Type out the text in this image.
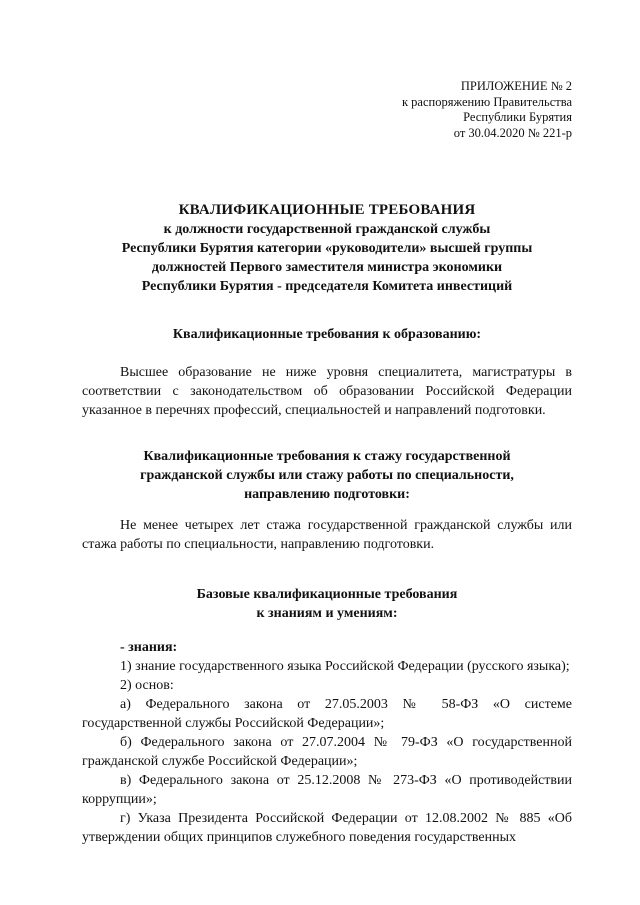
ПРИЛОЖЕНИЕ № 2
к распоряжению Правительства
Республики Бурятия
от 30.04.2020 № 221-р
КВАЛИФИКАЦИОННЫЕ ТРЕБОВАНИЯ
к должности государственной гражданской службы
Республики Бурятия категории «руководители» высшей группы
должностей Первого заместителя министра экономики
Республики Бурятия - председателя Комитета инвестиций
Квалификационные требования к образованию:

Высшее образование не ниже уровня специалитета, магистратуры в соответствии с законодательством об образовании Российской Федерации указанное в перечнях профессий, специальностей и направлений подготовки.

Квалификационные требования к стажу государственной
гражданской службы или стажу работы по специальности,
направлению подготовки:

Не менее четырех лет стажа государственной гражданской службы или стажа работы по специальности, направлению подготовки.

Базовые квалификационные требования
к знаниям и умениям:

- знания:

1) знание государственного языка Российской Федерации (русского языка);

2) основ:

а) Федерального закона от 27.05.2003 № 58-ФЗ «О системе государственной службы Российской Федерации»;

б) Федерального закона от 27.07.2004 № 79-ФЗ «О государственной гражданской службе Российской Федерации»;

в) Федерального закона от 25.12.2008 № 273-ФЗ «О противодействии коррупции»;

г) Указа Президента Российской Федерации от 12.08.2002 № 885 «Об утверждении общих принципов служебного поведения государственных
